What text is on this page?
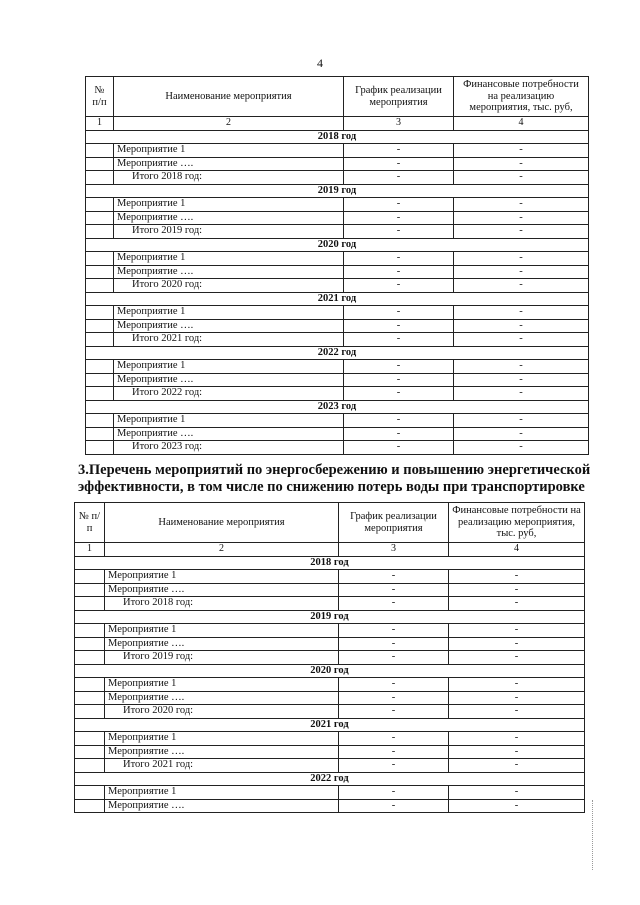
4
№ п/п	Наименование мероприятия	График реализации мероприятия	Финансовые потребности на реализацию мероприятия, тыс. руб,
1	2	3	4
2018 год			
	Мероприятие 1	-	-
	Мероприятие ….	-	-
	Итого 2018 год:	-	-
2019 год			
	Мероприятие 1	-	-
	Мероприятие ….	-	-
	Итого 2019 год:	-	-
2020 год			
	Мероприятие 1	-	-
	Мероприятие ….	-	-
	Итого 2020 год:	-	-
2021 год			
	Мероприятие 1	-	-
	Мероприятие ….	-	-
	Итого 2021 год:	-	-
2022 год			
	Мероприятие 1	-	-
	Мероприятие ….	-	-
	Итого 2022 год:	-	-
2023 год			
	Мероприятие 1	-	-
	Мероприятие ….	-	-
	Итого 2023 год:	-	-
3.Перечень мероприятий по энергосбережению и повышению энергетической
эффективности, в том числе по снижению потерь воды при транспортировке
№ п/п	Наименование мероприятия	График реализации мероприятия	Финансовые потребности на реализацию мероприятия, тыс. руб,
1	2	3	4
2018 год			
	Мероприятие 1	-	-
	Мероприятие ….	-	-
	Итого 2018 год:	-	-
2019 год			
	Мероприятие 1	-	-
	Мероприятие ….	-	-
	Итого 2019 год:	-	-
2020 год			
	Мероприятие 1	-	-
	Мероприятие ….	-	-
	Итого 2020 год:	-	-
2021 год			
	Мероприятие 1	-	-
	Мероприятие ….	-	-
	Итого 2021 год:	-	-
2022 год			
	Мероприятие 1	-	-
	Мероприятие ….	-	-
